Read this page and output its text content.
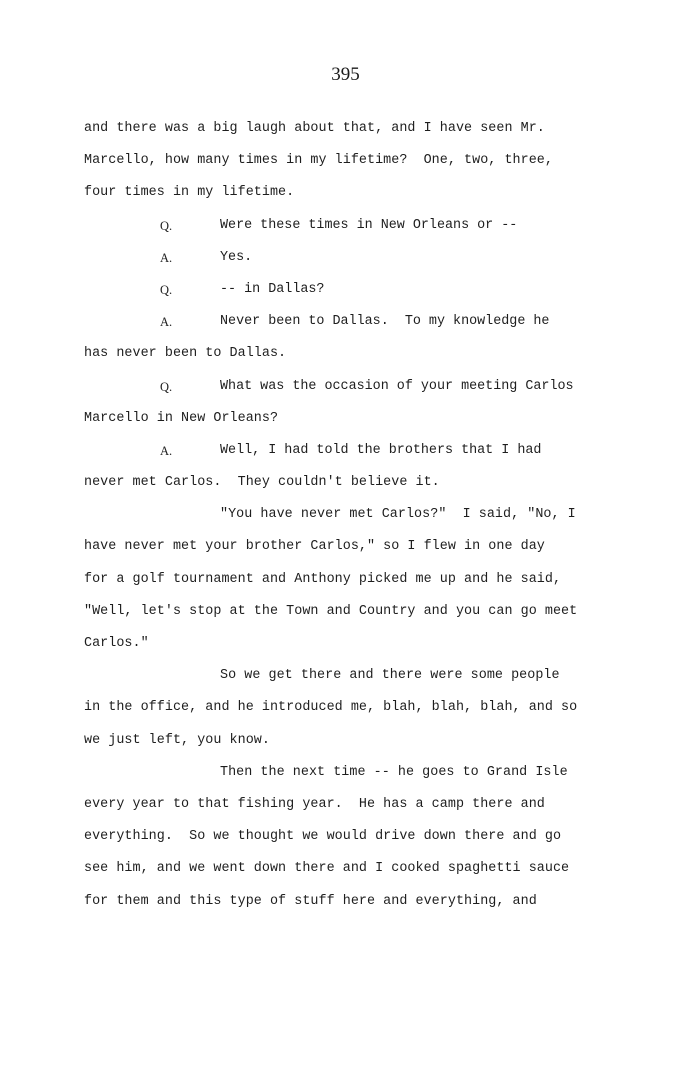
395
and there was a big laugh about that, and I have seen Mr.
Marcello, how many times in my lifetime?  One, two, three,
four times in my lifetime.
Q.	Were these times in New Orleans or --
A.	Yes.
Q.	-- in Dallas?
A.	Never been to Dallas.  To my knowledge he
has never been to Dallas.
Q.	What was the occasion of your meeting Carlos
Marcello in New Orleans?
A.	Well, I had told the brothers that I had
never met Carlos.  They couldn't believe it.
"You have never met Carlos?"  I said, "No, I
have never met your brother Carlos," so I flew in one day
for a golf tournament and Anthony picked me up and he said,
"Well, let's stop at the Town and Country and you can go meet
Carlos."
So we get there and there were some people
in the office, and he introduced me, blah, blah, blah, and so
we just left, you know.
Then the next time -- he goes to Grand Isle
every year to that fishing year.  He has a camp there and
everything.  So we thought we would drive down there and go
see him, and we went down there and I cooked spaghetti sauce
for them and this type of stuff here and everything, and
